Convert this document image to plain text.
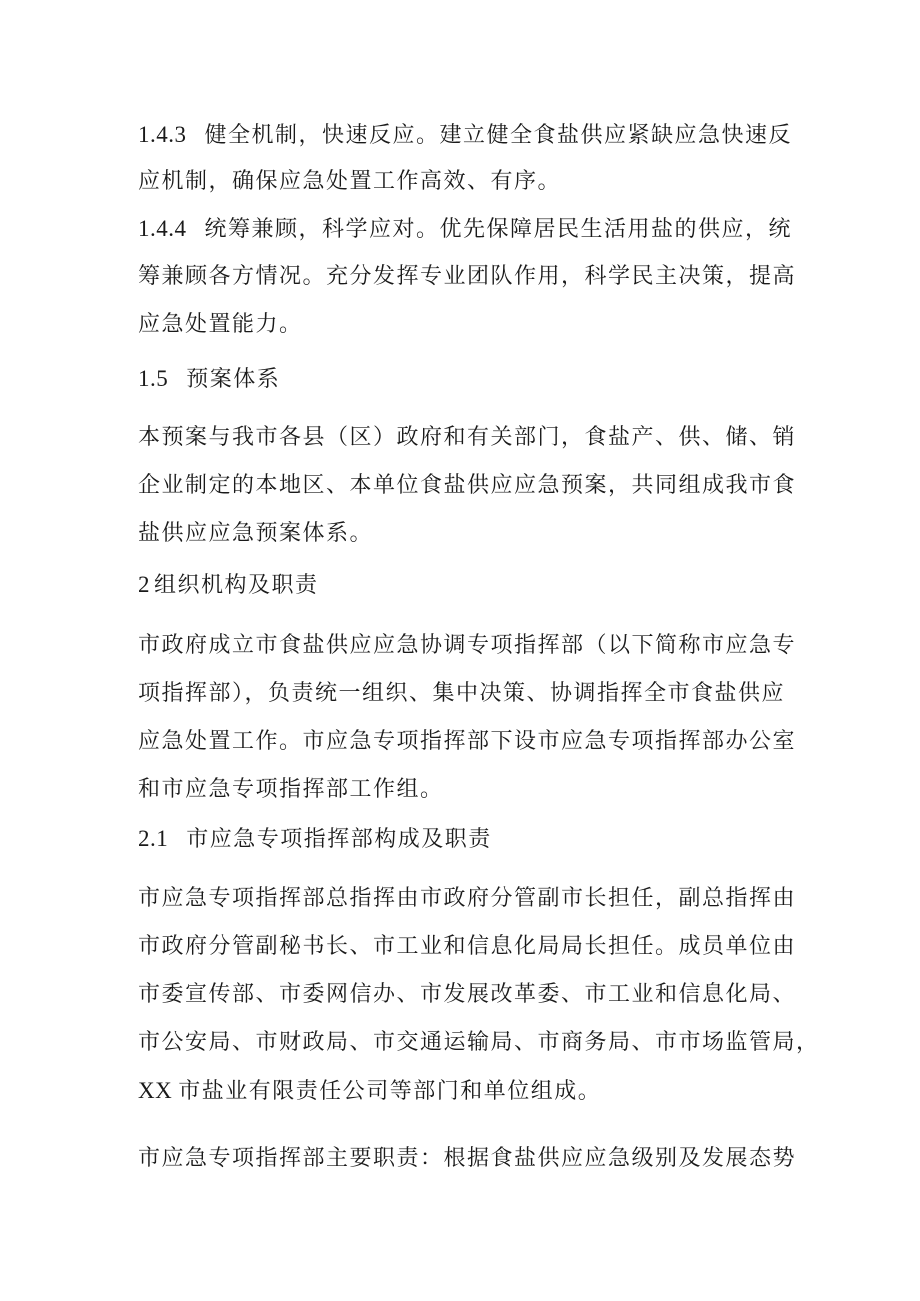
1.4.3 健全机制，快速反应。建立健全食盐供应紧缺应急快速反
应机制，确保应急处置工作高效、有序。
1.4.4 统筹兼顾，科学应对。优先保障居民生活用盐的供应，统
筹兼顾各方情况。充分发挥专业团队作用，科学民主决策，提高
应急处置能力。
1.5 预案体系
本预案与我市各县（区）政府和有关部门，食盐产、供、储、销
企业制定的本地区、本单位食盐供应应急预案，共同组成我市食
盐供应应急预案体系。
2 组织机构及职责
市政府成立市食盐供应应急协调专项指挥部（以下简称市应急专
项指挥部），负责统一组织、集中决策、协调指挥全市食盐供应
应急处置工作。市应急专项指挥部下设市应急专项指挥部办公室
和市应急专项指挥部工作组。
2.1 市应急专项指挥部构成及职责
市应急专项指挥部总指挥由市政府分管副市长担任，副总指挥由
市政府分管副秘书长、市工业和信息化局局长担任。成员单位由
市委宣传部、市委网信办、市发展改革委、市工业和信息化局、
市公安局、市财政局、市交通运输局、市商务局、市市场监管局，
XX 市盐业有限责任公司等部门和单位组成。
市应急专项指挥部主要职责：根据食盐供应应急级别及发展态势
